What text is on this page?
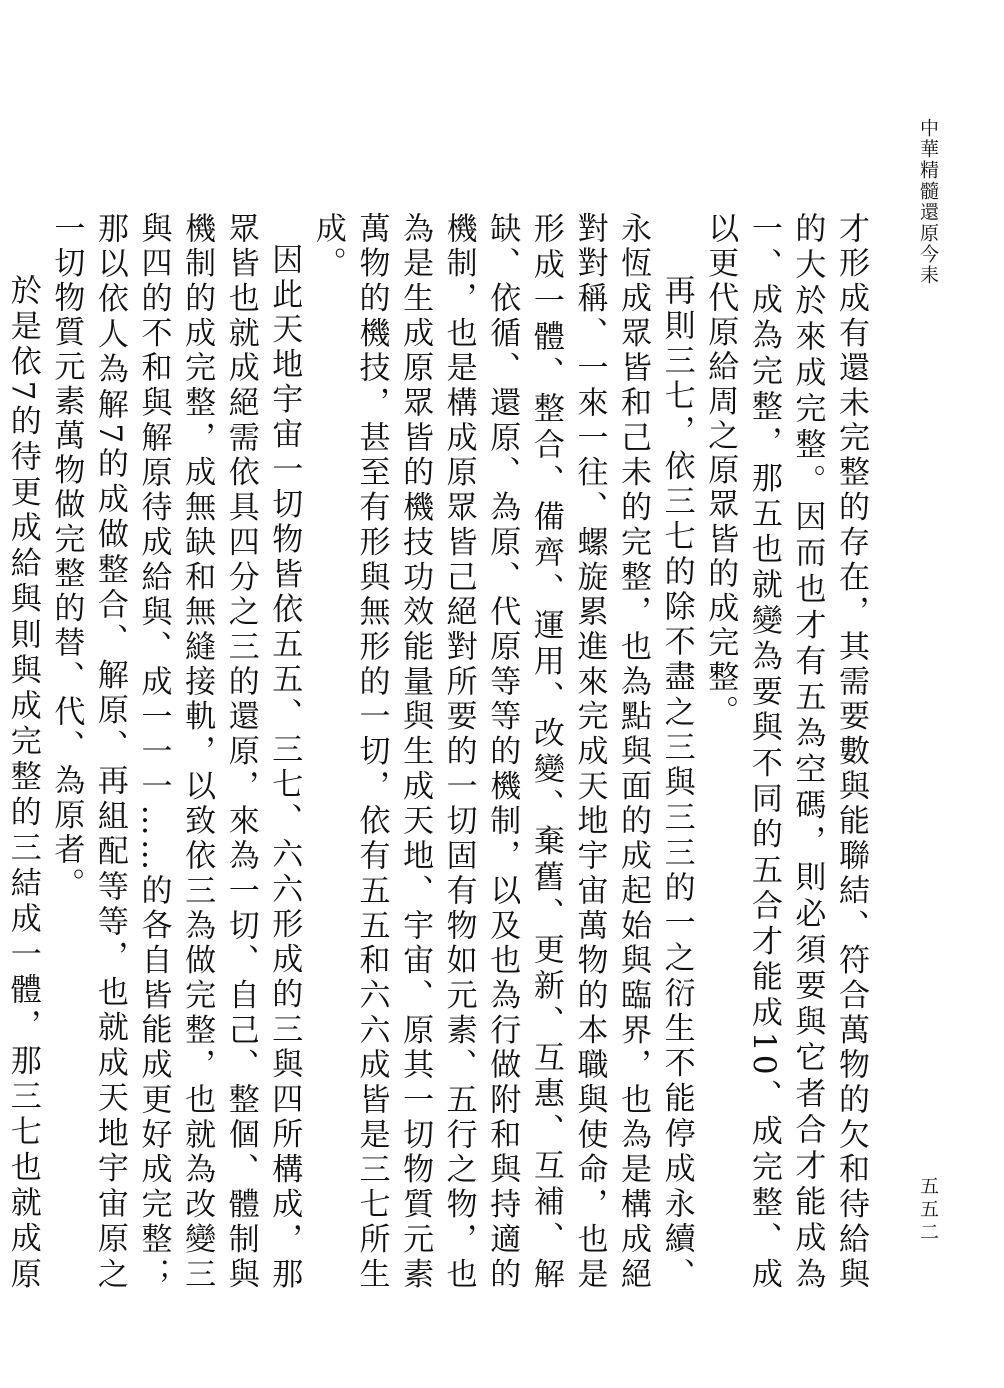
中華精髓還原今耒
五五二

才形成有還未完整的存在，其需要數與能聯結、符合萬物的欠和待給與的大於來成完整。因而也才有五為空碼，則必須要與它者合才能成為一、成為完整，那五也就變為要與不同的五合才能成10、成完整、成以更代原給周之原眾皆的成完整。

再則三七，依三七的除不盡之三與三三的一之衍生不能停成永續、永恆成眾皆和己未的完整，也為點與面的成起始與臨界，也為是構成絕對對稱、一來一往、螺旋累進來完成天地宇宙萬物的本職與使命，也是形成一體、整合、備齊、運用、改變、棄舊、更新、互惠、互補、解缺、依循、還原、為原、代原等等的機制，以及也為行做附和與持適的機制，也是構成原眾皆己絕對所要的一切固有物如元素、五行之物，也為是生成原眾皆的機技功效能量與生成天地、宇宙、原其一切物質元素萬物的機技，甚至有形與無形的一切，依有五五和六六成皆是三七所生成。

因此天地宇宙一切物皆依五五、三七、六六形成的三與四所構成，那眾皆也就成絕需依具四分之三的還原，來為一切、自己、整個、體制與機制的成完整，成無缺和無縫接軌，以致依三為做完整，也就為改變三與四的不和與解原待成給與、成一一一……的各自皆能成更好成完整；那以依人為解7的成做整合、解原、再組配等等，也就成天地宇宙原之一切物質元素萬物做完整的替、代、為原者。

於是依7的待更成給與則與成完整的三結成一體，那三七也就成原
